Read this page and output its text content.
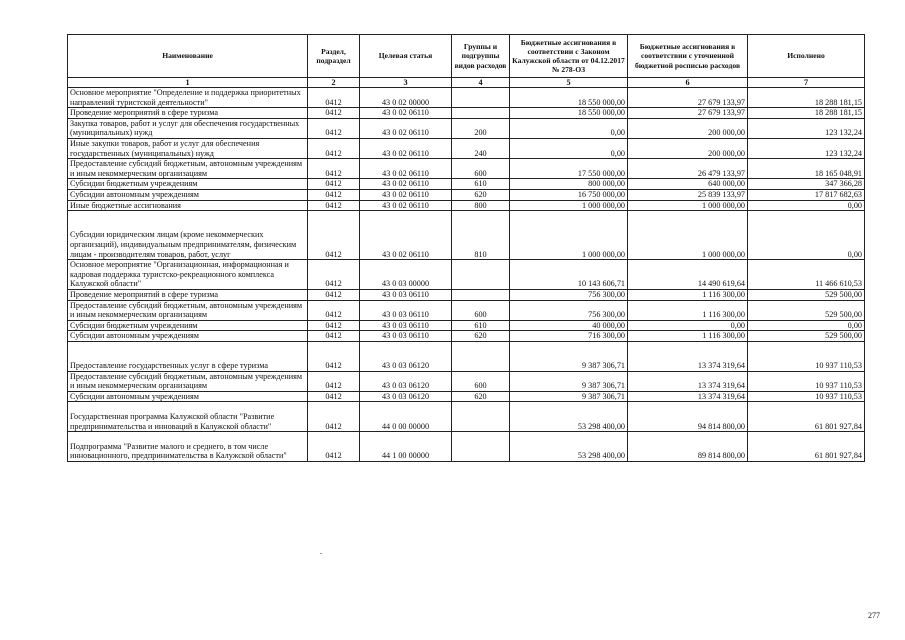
Наименование	Раздел, подраздел	Целевая статья	Группы и подгруппы видов расходов	Бюджетные ассигнования в соответствии с Законом Калужской области от 04.12.2017 № 278-ОЗ	Бюджетные ассигнования в соответствии с уточненной бюджетной росписью расходов	Исполнено
1	2	3	4	5	6	7
Основное мероприятие "Определение и поддержка приоритетных направлений туристской деятельности"	0412	43 0 02 00000		18 550 000,00	27 679 133,97	18 288 181,15
Проведение мероприятий в сфере туризма	0412	43 0 02 06110		18 550 000,00	27 679 133,97	18 288 181,15
Закупка товаров, работ и услуг для обеспечения государственных (муниципальных) нужд	0412	43 0 02 06110	200	0,00	200 000,00	123 132,24
Иные закупки товаров, работ и услуг для обеспечения государственных (муниципальных) нужд	0412	43 0 02 06110	240	0,00	200 000,00	123 132,24
Предоставление субсидий бюджетным, автономным учреждениям и иным некоммерческим организациям	0412	43 0 02 06110	600	17 550 000,00	26 479 133,97	18 165 048,91
Субсидии бюджетным учреждениям	0412	43 0 02 06110	610	800 000,00	640 000,00	347 366,28
Субсидии автономным учреждениям	0412	43 0 02 06110	620	16 750 000,00	25 839 133,97	17 817 682,63
Иные бюджетные ассигнования	0412	43 0 02 06110	800	1 000 000,00	1 000 000,00	0,00
Субсидии юридическим лицам (кроме некоммерческих организаций), индивидуальным предпринимателям, физическим лицам - производителям товаров, работ, услуг	0412	43 0 02 06110	810	1 000 000,00	1 000 000,00	0,00
Основное мероприятие "Организационная, информационная и кадровая поддержка туристско-рекреационного комплекса Калужской области"	0412	43 0 03 00000		10 143 606,71	14 490 619,64	11 466 610,53
Проведение мероприятий в сфере туризма	0412	43 0 03 06110		756 300,00	1 116 300,00	529 500,00
Предоставление субсидий бюджетным, автономным учреждениям и иным некоммерческим организациям	0412	43 0 03 06110	600	756 300,00	1 116 300,00	529 500,00
Субсидии бюджетным учреждениям	0412	43 0 03 06110	610	40 000,00	0,00	0,00
Субсидии автономным учреждениям	0412	43 0 03 06110	620	716 300,00	1 116 300,00	529 500,00
Предоставление государственных услуг в сфере туризма	0412	43 0 03 06120		9 387 306,71	13 374 319,64	10 937 110,53
Предоставление субсидий бюджетным, автономным учреждениям и иным некоммерческим организациям	0412	43 0 03 06120	600	9 387 306,71	13 374 319,64	10 937 110,53
Субсидии автономным учреждениям	0412	43 0 03 06120	620	9 387 306,71	13 374 319,64	10 937 110,53
Государственная программа Калужской области "Развитие предпринимательства и инноваций в Калужской области"	0412	44 0 00 00000		53 298 400,00	94 814 800,00	61 801 927,84
Подпрограмма "Развитие малого и среднего, в том числе инновационного, предпринимательства в Калужской области"	0412	44 1 00 00000		53 298 400,00	89 814 800,00	61 801 927,84
277
